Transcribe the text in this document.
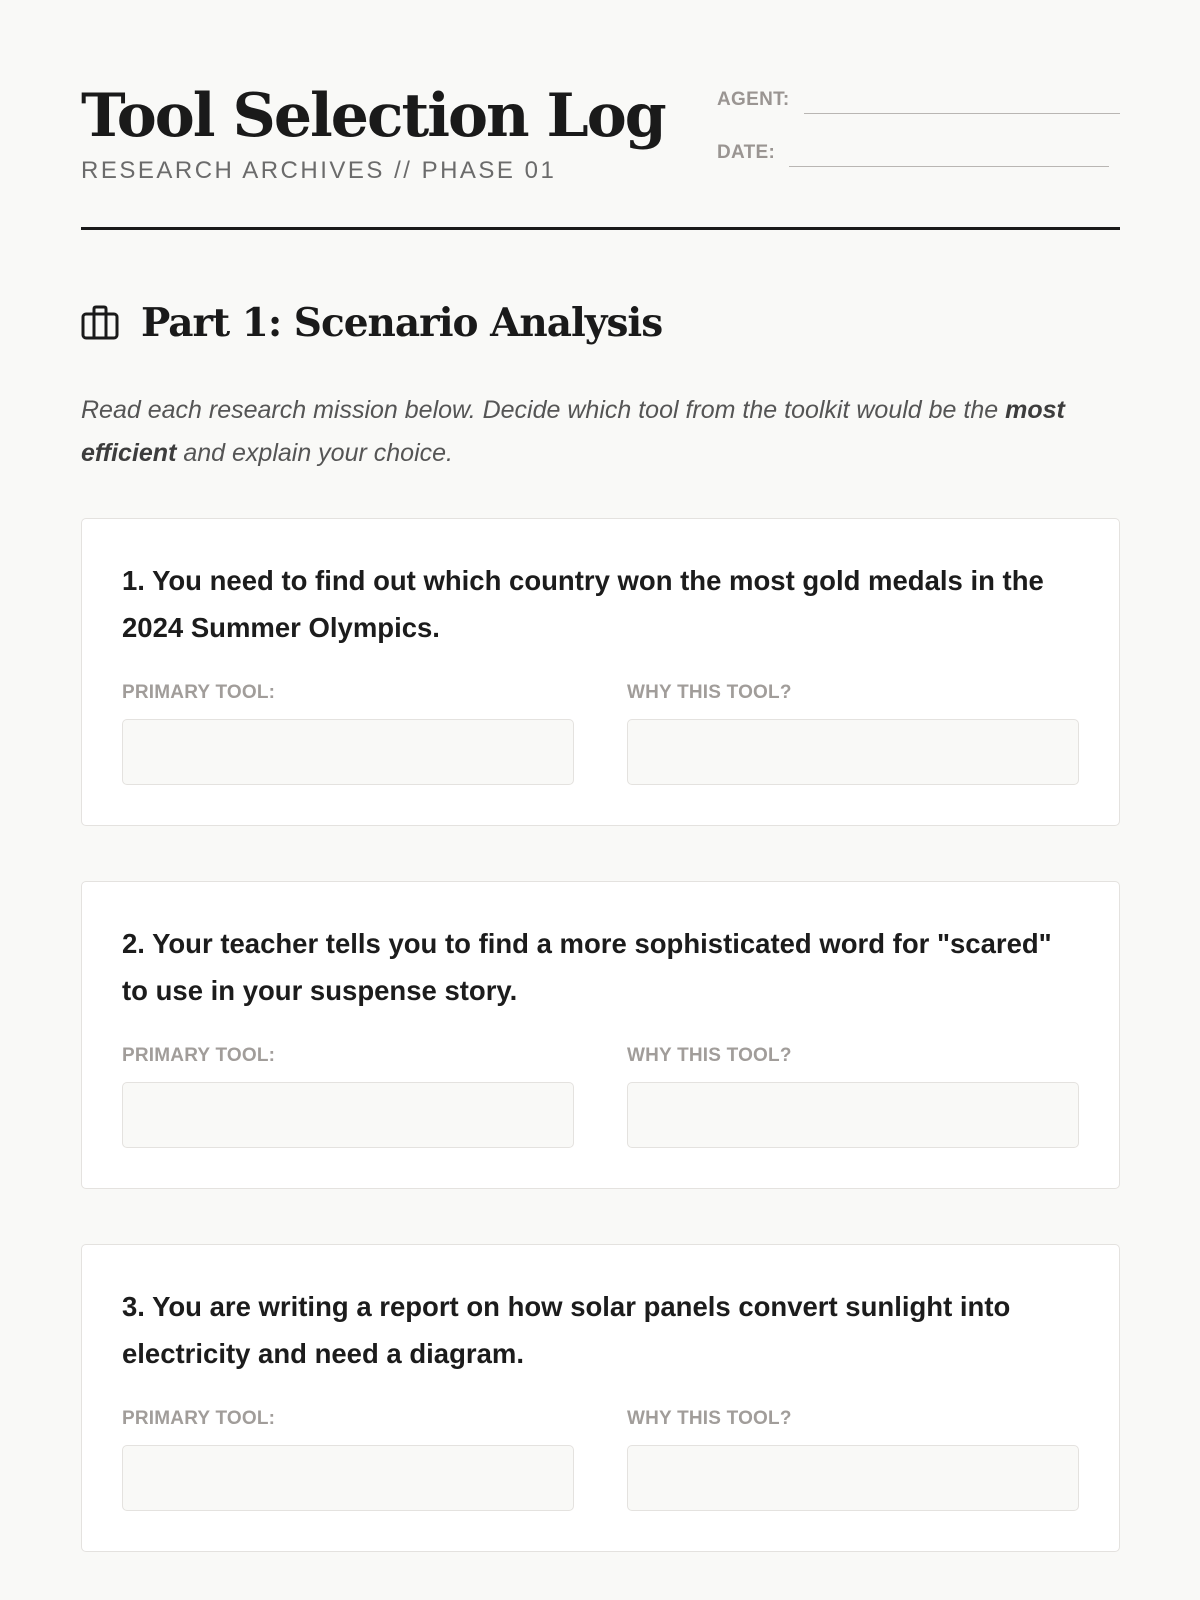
Tool Selection Log
RESEARCH ARCHIVES // PHASE 01
AGENT:
DATE:
Part 1: Scenario Analysis

Read each research mission below. Decide which tool from the toolkit would be the most efficient and explain your choice.

1. You need to find out which country won the most gold medals in the 2024 Summer Olympics.

PRIMARY TOOL:	WHY THIS TOOL?

2. Your teacher tells you to find a more sophisticated word for "scared" to use in your suspense story.

PRIMARY TOOL:	WHY THIS TOOL?

3. You are writing a report on how solar panels convert sunlight into electricity and need a diagram.

PRIMARY TOOL:	WHY THIS TOOL?
